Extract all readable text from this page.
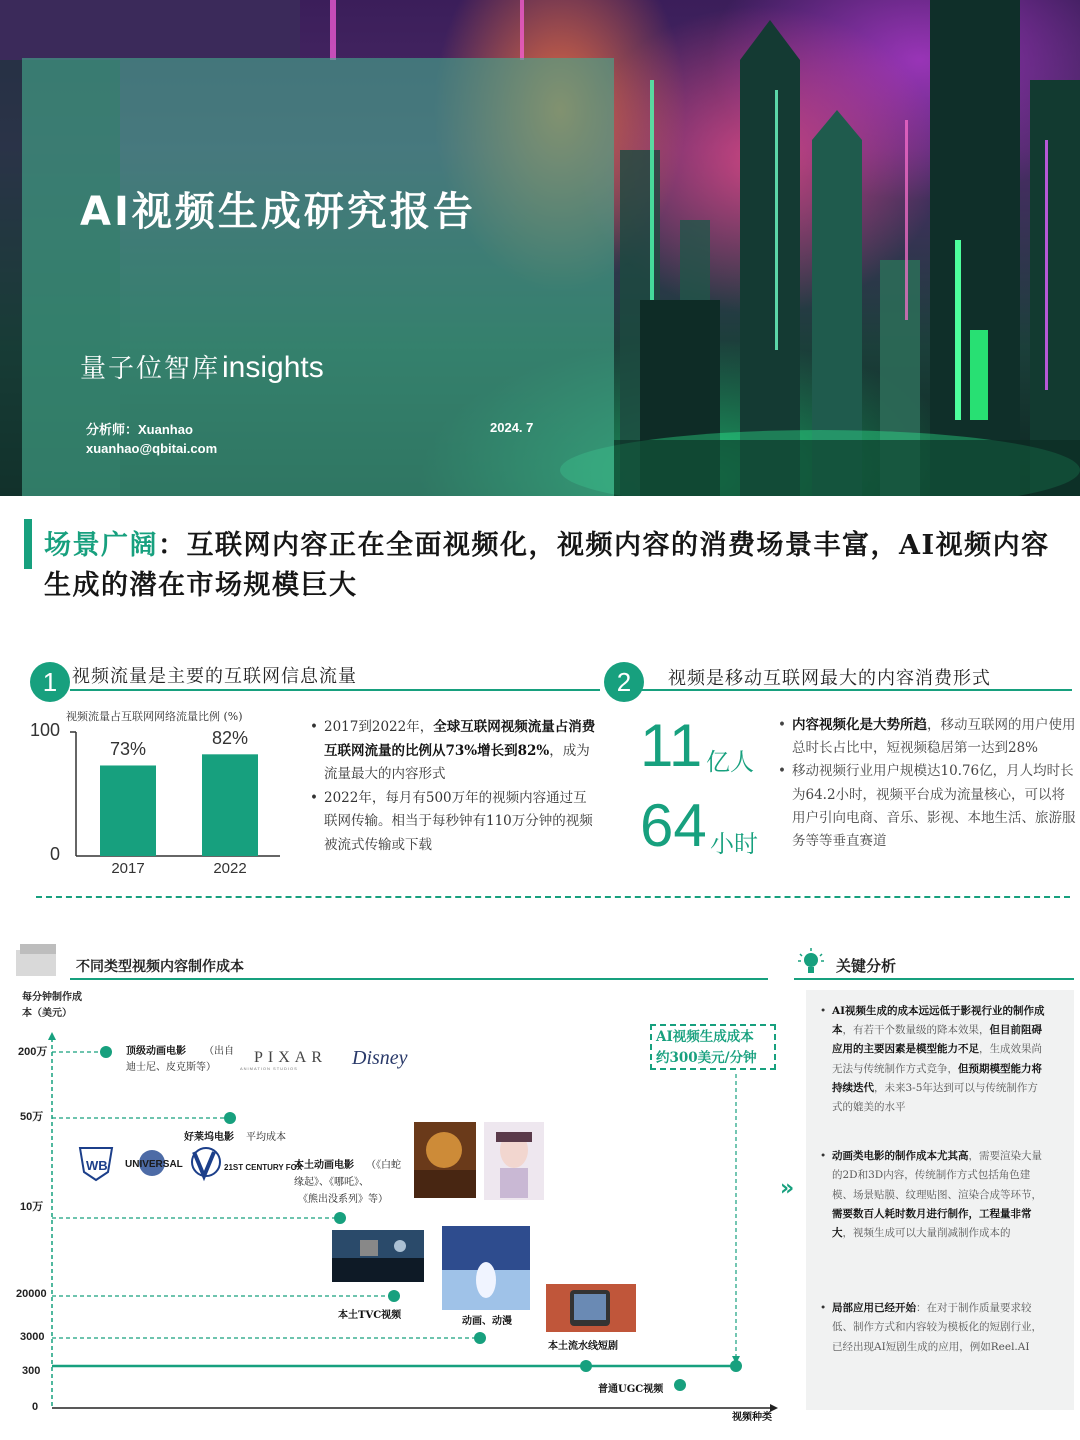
AI视频生成研究报告
量子位智库insights
分析师：Xuanhao
xuanhao@qbitai.com
2024. 7
场景广阔：互联网内容正在全面视频化，视频内容的消费场景丰富，AI视频内容生成的潜在市场规模巨大
1 视频流量是主要的互联网信息流量
视频流量占互联网网络流量比例 (%)
100
0
73%
82%
2017	2022
• 2017到2022年，全球互联网视频流量占消费互联网流量的比例从73%增长到82%，成为流量最大的内容形式
• 2022年，每月有500万年的视频内容通过互联网传输。相当于每秒钟有110万分钟的视频被流式传输或下载
2	视频是移动互联网最大的内容消费形式
11 亿人
64 小时
• 内容视频化是大势所趋，移动互联网的用户使用总时长占比中，短视频稳居第一达到28%
• 移动视频行业用户规模达10.76亿，月人均时长为64.2小时，视频平台成为流量核心，可以将用户引向电商、音乐、影视、本地生活、旅游服务等等垂直赛道
不同类型视频内容制作成本
每分钟制作成本（美元）
200万
50万
10万
20000
3000
300
0
顶级动画电影 （出自
迪士尼、皮克斯等）
PIXAR
ANIMATION STUDIOS	Disney
好莱坞电影 平均成本
WB UNIVERSAL	21ST CENTURY FOX
本土动画电影 （《白蛇
缘起》、《哪吒》、
《熊出没系列》等）
本土TVC视频
动画、动漫
本土流水线短剧
普通UGC视频
视频种类
AI视频生成成本
约300美元/分钟
»
关键分析
• AI视频生成的成本远远低于影视行业的制作成本，有若干个数量级的降本效果，但目前阻碍应用的主要因素是模型能力不足，生成效果尚无法与传统制作方式竞争，但预期模型能力将持续迭代，未来3-5年达到可以与传统制作方式的媲美的水平
• 动画类电影的制作成本尤其高，需要渲染大量的2D和3D内容，传统制作方式包括角色建模、场景贴膜、纹理贴图、渲染合成等环节，需要数百人耗时数月进行制作，工程量非常大，视频生成可以大量削减制作成本的
• 局部应用已经开始：在对于制作质量要求较低、制作方式和内容较为模板化的短剧行业，已经出现AI短剧生成的应用，例如Reel.AI
